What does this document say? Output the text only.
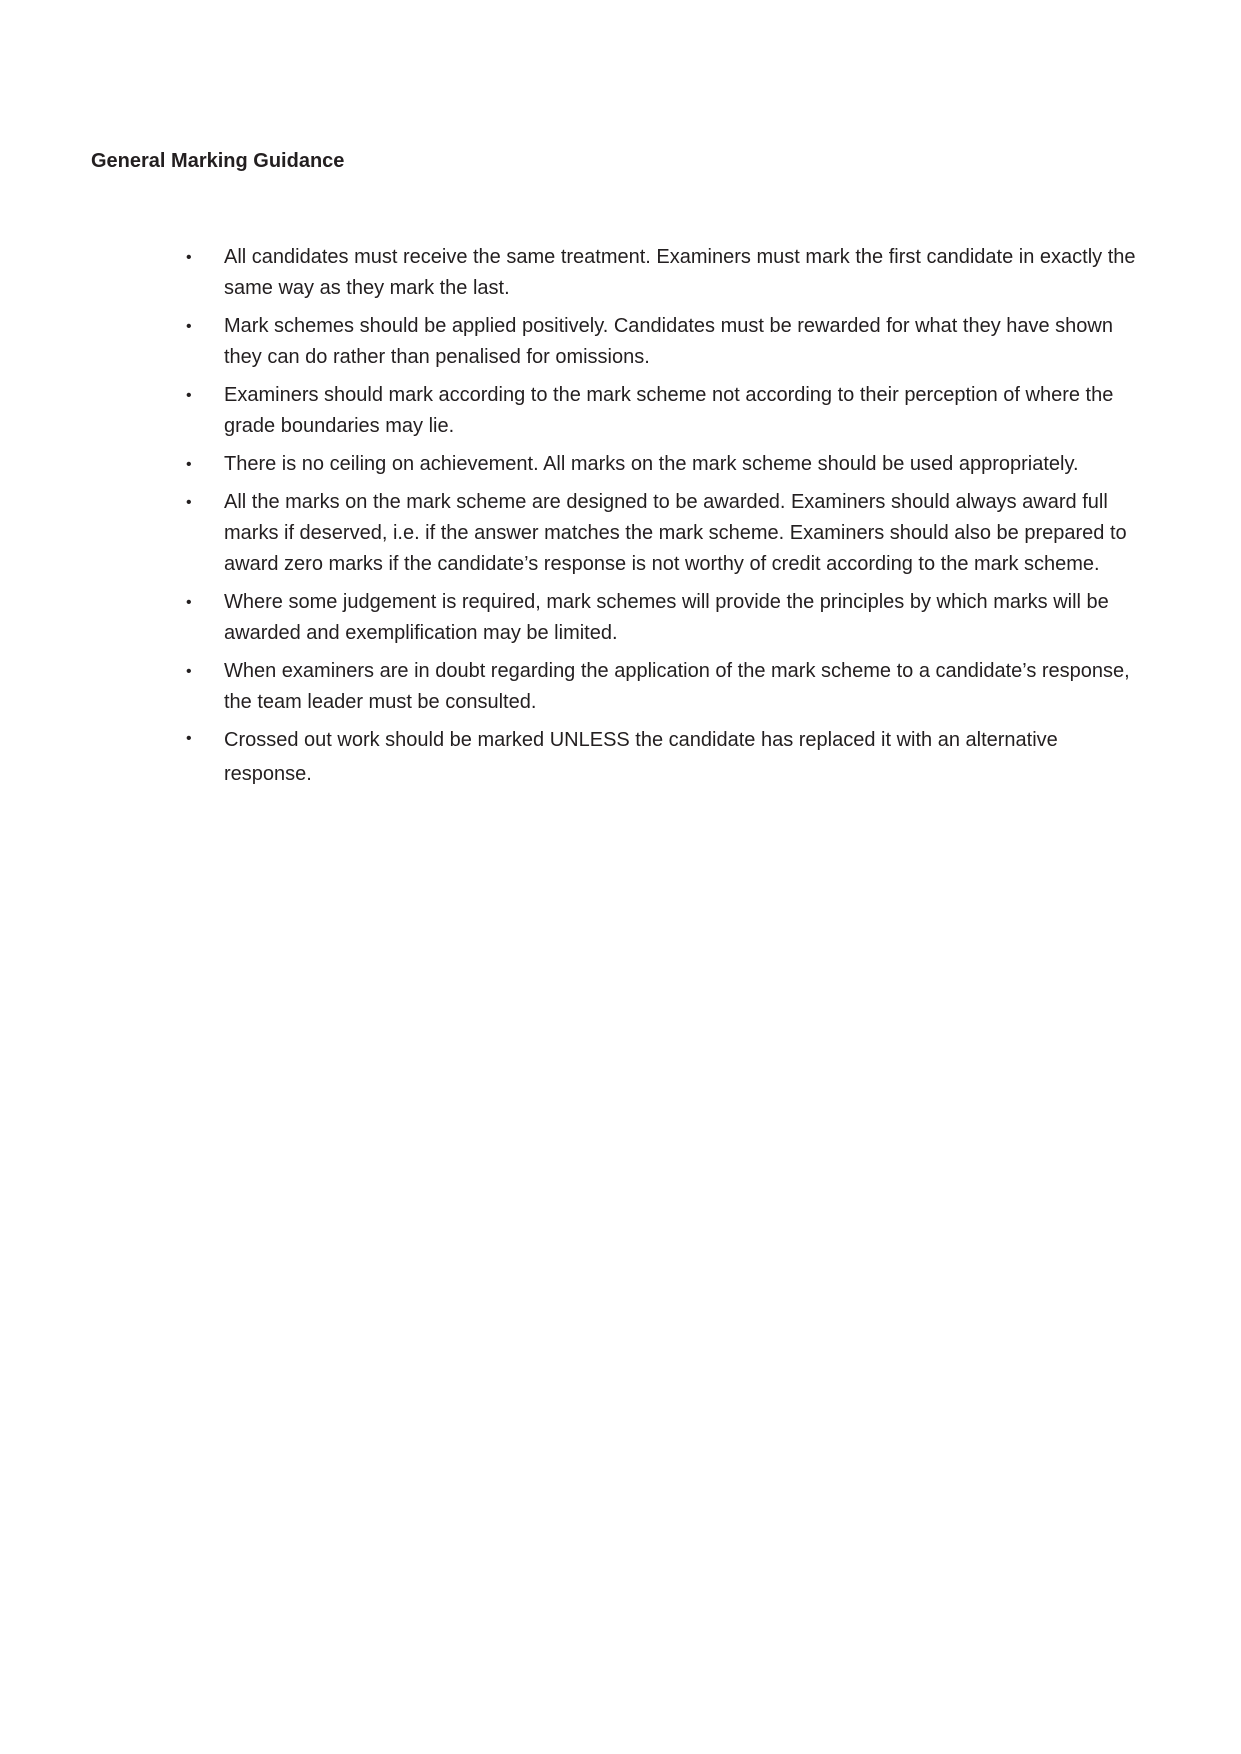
General Marking Guidance
• All candidates must receive the same treatment. Examiners must mark the first candidate in exactly the same way as they mark the last.
• Mark schemes should be applied positively. Candidates must be rewarded for what they have shown they can do rather than penalised for omissions.
• Examiners should mark according to the mark scheme not according to their perception of where the grade boundaries may lie.
• There is no ceiling on achievement. All marks on the mark scheme should be used appropriately.
• All the marks on the mark scheme are designed to be awarded. Examiners should always award full marks if deserved, i.e. if the answer matches the mark scheme. Examiners should also be prepared to award zero marks if the candidate’s response is not worthy of credit according to the mark scheme.
• Where some judgement is required, mark schemes will provide the principles by which marks will be awarded and exemplification may be limited.
• When examiners are in doubt regarding the application of the mark scheme to a candidate’s response, the team leader must be consulted.
• Crossed out work should be marked UNLESS the candidate has replaced it with an alternative response.
